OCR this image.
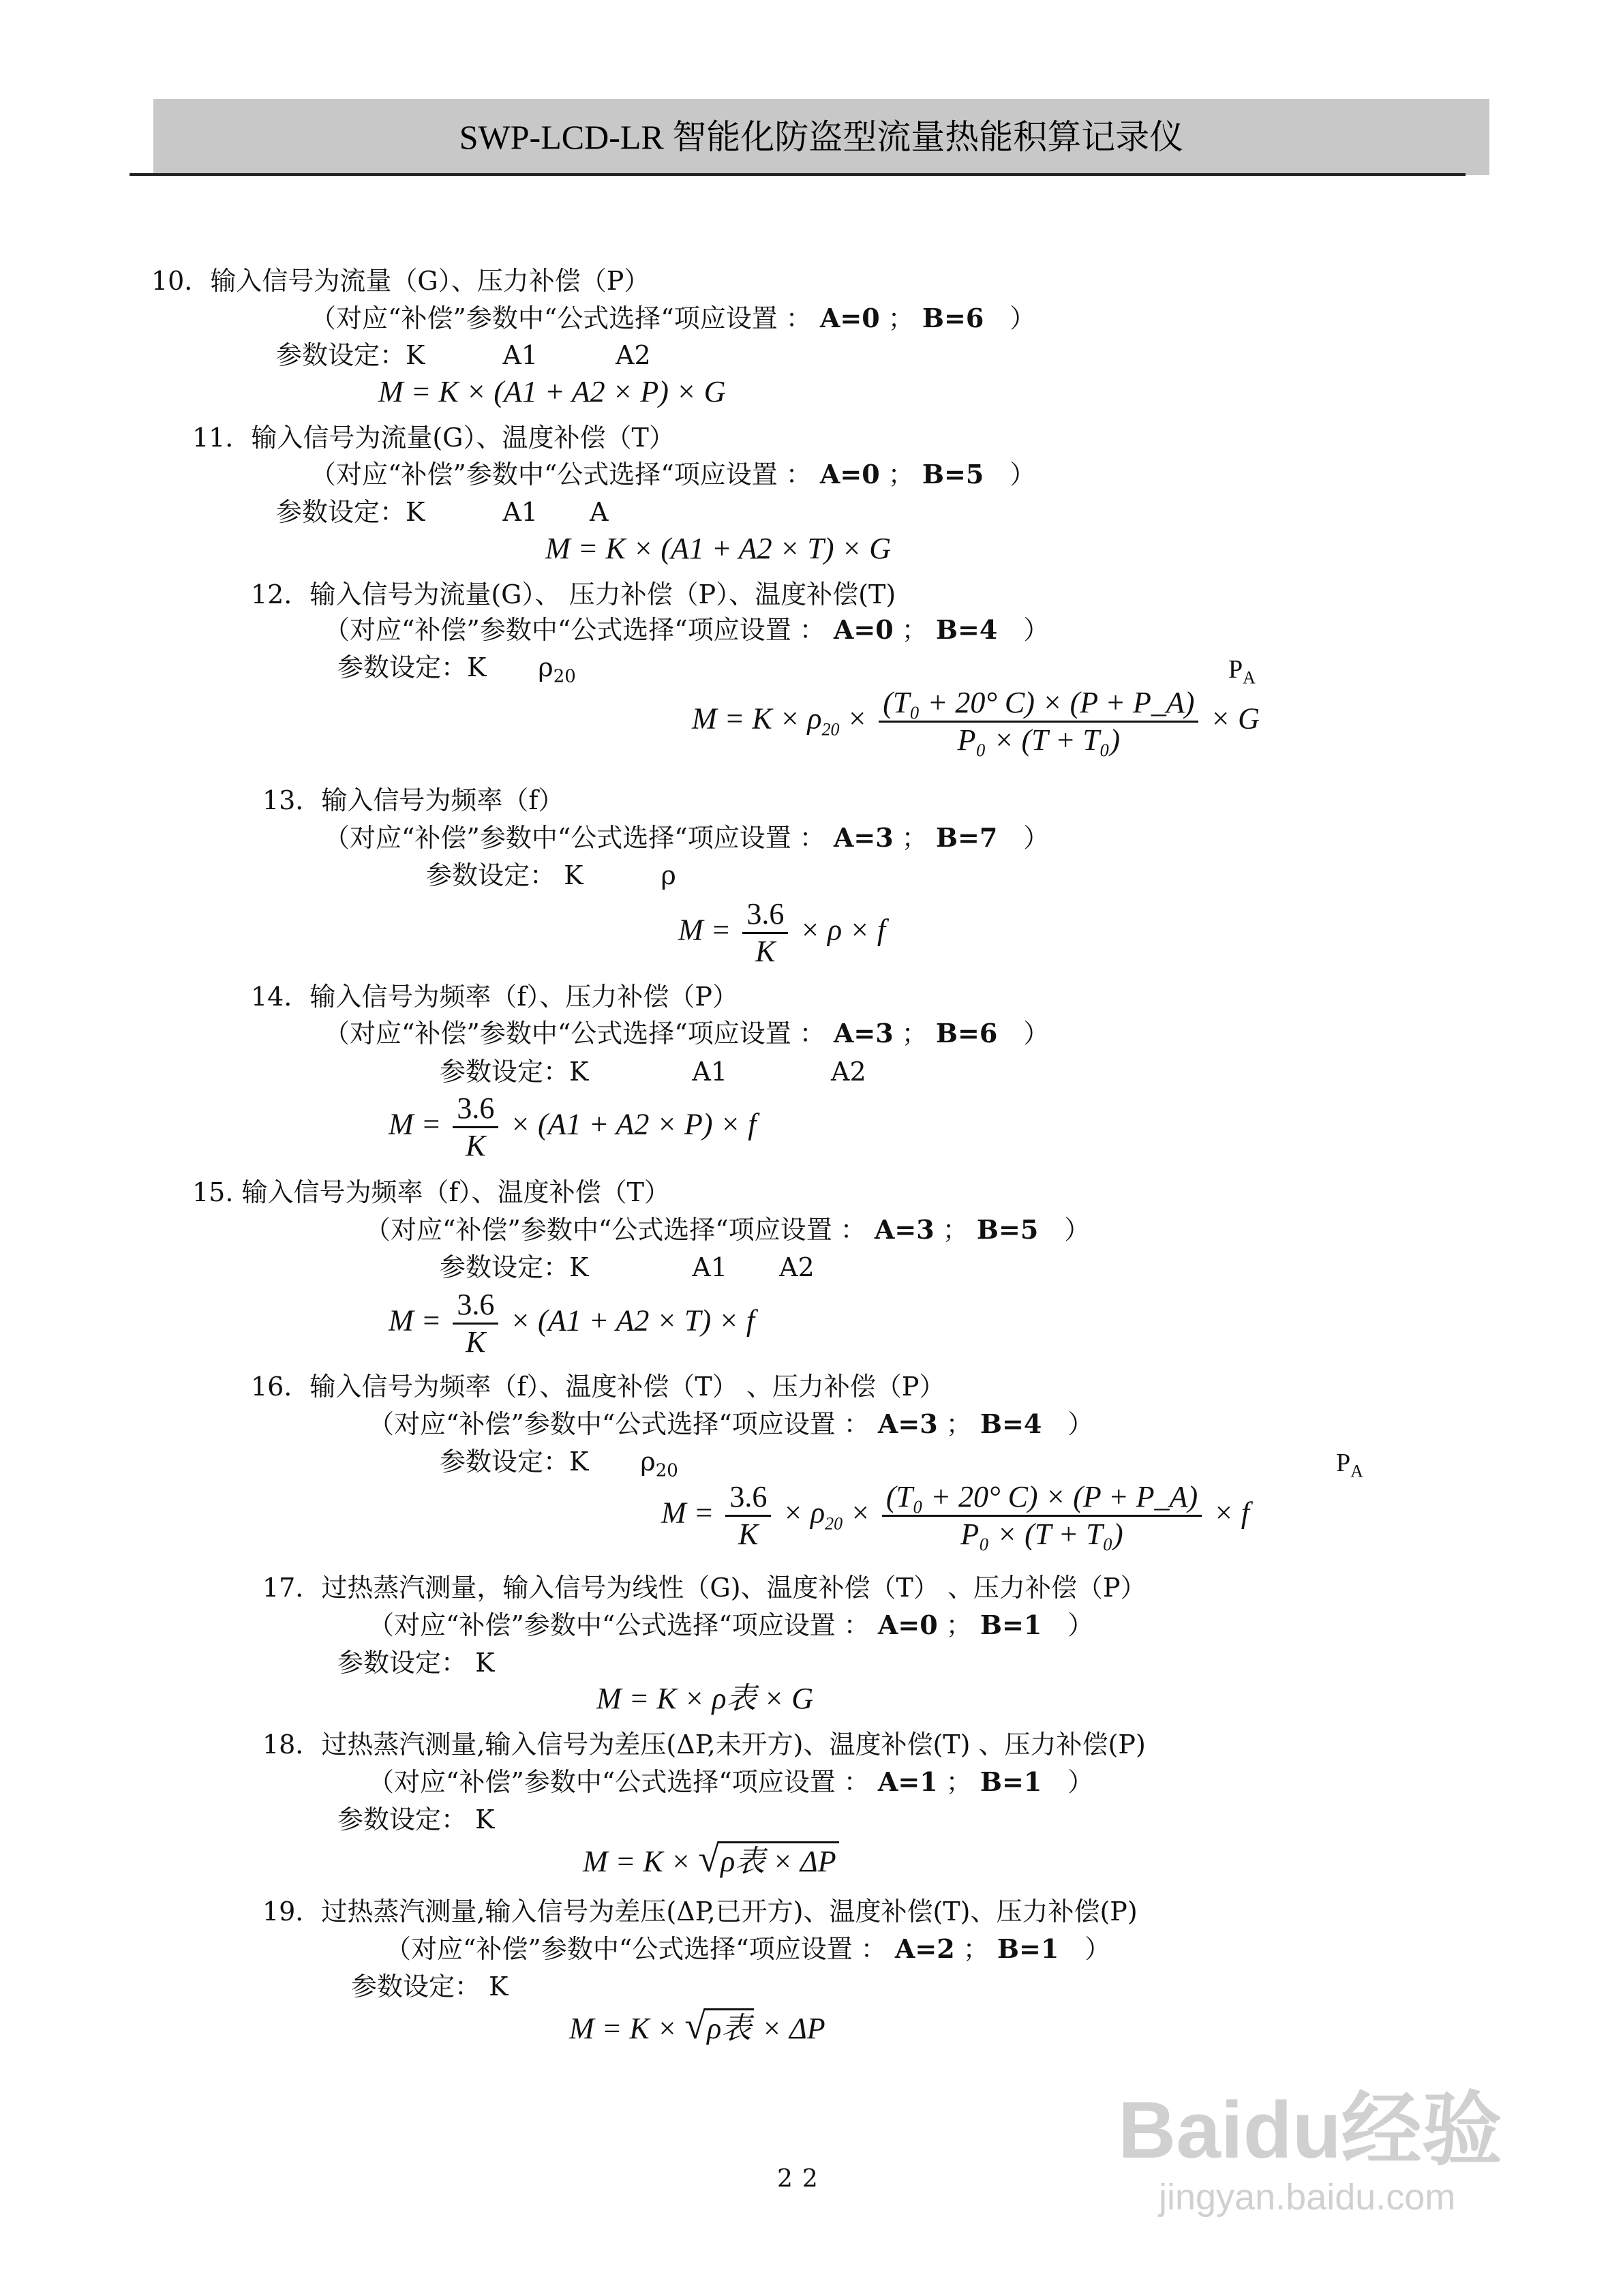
SWP-LCD-LR 智能化防盗型流量热能积算记录仪
10．输入信号为流量（G）、压力补偿（P）
（对应“补偿”参数中“公式选择“项应设置 ： A=0 ； B=6　 ）
参数设定：K　　　A1　　　A2
M = K × (A1 + A2 × P) × G
11．输入信号为流量(G）、温度补偿（T）
（对应“补偿”参数中“公式选择“项应设置 ： A=0 ； B=5　 ）
参数设定：K　　　A1　　A
M = K × (A1 + A2 × T) × G
12．输入信号为流量(G）、 压力补偿（P）、温度补偿(T)
（对应“补偿”参数中“公式选择“项应设置 ： A=0 ； B=4　 ）
参数设定：K　　$\rho_{20}$	$P_A$
$M = K \times \rho_{20} \times \frac{\text{(T₀ + 20° C) × (P + P\_A)}}{\text{P₀ × (T + T₀)}} \times G$
13．输入信号为频率（f）
（对应“补偿”参数中“公式选择“项应设置 ： A=3 ； B=7　 ）
参数设定： K　　　ρ
$M = \frac{3.6}{K} \times \rho \times f$
14．输入信号为频率（f）、压力补偿（P）
（对应“补偿”参数中“公式选择“项应设置 ： A=3 ； B=6　 ）
参数设定：K　　　　A1　　　　A2
$M = \frac{3.6}{K} \times (A1 + A2 \times P) \times f$
15. 输入信号为频率（f）、温度补偿（T）
（对应“补偿”参数中“公式选择“项应设置 ： A=3 ； B=5　 ）
参数设定：K　　　　A1　　A2
$M = \frac{3.6}{K} \times (A1 + A2 \times T) \times f$
16．输入信号为频率（f）、温度补偿（T） 、压力补偿（P）
（对应“补偿”参数中“公式选择“项应设置 ： A=3 ； B=4　 ）
参数设定：K　　$\rho_{20}$	$P_A$
$M = \frac{3.6}{K} \times \rho_{20} \times \frac{\text{(T₀ + 20° C) × (P + P\_A)}}{\text{P₀ × (T + T₀)}} \times f$
17．过热蒸汽测量，输入信号为线性（G)、温度补偿（T） 、压力补偿（P）
（对应“补偿”参数中“公式选择“项应设置 ： A=0 ； B=1　 ）
参数设定： K
M = K × ρ表 × G
18．过热蒸汽测量,输入信号为差压(ΔP,未开方)、温度补偿(T) 、压力补偿(P)
（对应“补偿”参数中“公式选择“项应设置 ： A=1 ； B=1　 ）
参数设定： K
M = K × √ρ表 × ΔP
19．过热蒸汽测量,输入信号为差压(ΔP,已开方)、温度补偿(T)、压力补偿(P)
（对应“补偿”参数中“公式选择“项应设置 ： A=2 ； B=1　 ）
参数设定： K
M = K × √ρ表 × ΔP
22
Baidu经验
jingyan.baidu.com
